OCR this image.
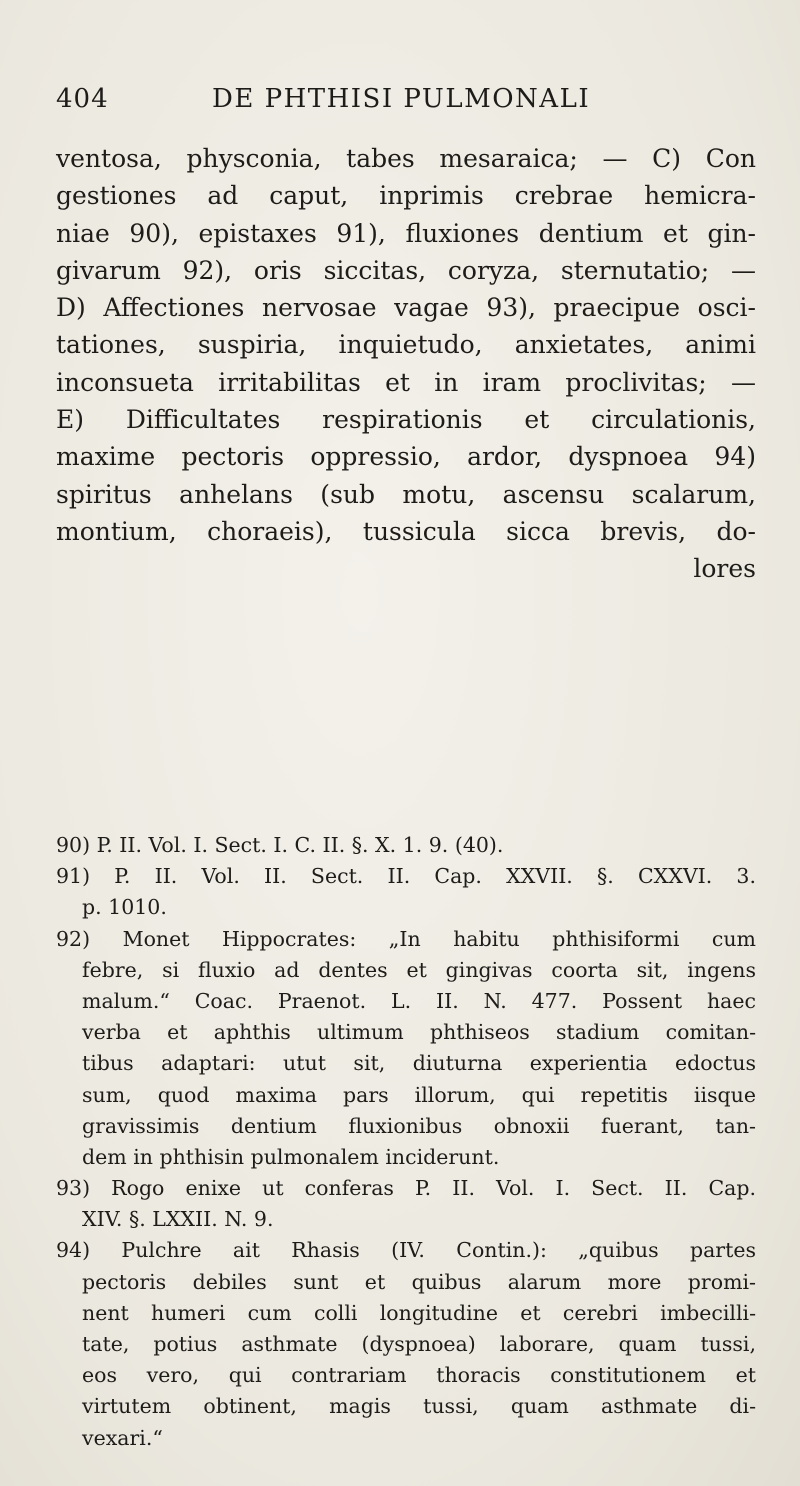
404	DE PHTHISI PULMONALI
ventosa, physconia, tabes mesaraica; — C) Con
gestiones ad caput, inprimis crebrae hemicra-
niae 90), epistaxes 91), fluxiones dentium et gin-
givarum 92), oris siccitas, coryza, sternutatio; —
D) Affectiones nervosae vagae 93), praecipue osci-
tationes, suspiria, inquietudo, anxietates, animi
inconsueta irritabilitas et in iram proclivitas; —
E) Difficultates respirationis et circulationis,
maxime pectoris oppressio, ardor, dyspnoea 94)
spiritus anhelans (sub motu, ascensu scalarum,
montium, choraeis), tussicula sicca brevis, do-
lores
90) P. II. Vol. I. Sect. I. C. II. §. X. 1. 9. (40).
91) P. II. Vol. II. Sect. II. Cap. XXVII. §. CXXVI. 3.
p. 1010.
92) Monet Hippocrates: „In habitu phthisiformi cum
febre, si fluxio ad dentes et gingivas coorta sit, ingens
malum.“ Coac. Praenot. L. II. N. 477. Possent haec
verba et aphthis ultimum phthiseos stadium comitan-
tibus adaptari: utut sit, diuturna experientia edoctus
sum, quod maxima pars illorum, qui repetitis iisque
gravissimis dentium fluxionibus obnoxii fuerant, tan-
dem in phthisin pulmonalem inciderunt.
93) Rogo enixe ut conferas P. II. Vol. I. Sect. II. Cap.
XIV. §. LXXII. N. 9.
94) Pulchre ait Rhasis (IV. Contin.): „quibus partes
pectoris debiles sunt et quibus alarum more promi-
nent humeri cum colli longitudine et cerebri imbecilli-
tate, potius asthmate (dyspnoea) laborare, quam tussi,
eos vero, qui contrariam thoracis constitutionem et
virtutem obtinent, magis tussi, quam asthmate di-
vexari.“
